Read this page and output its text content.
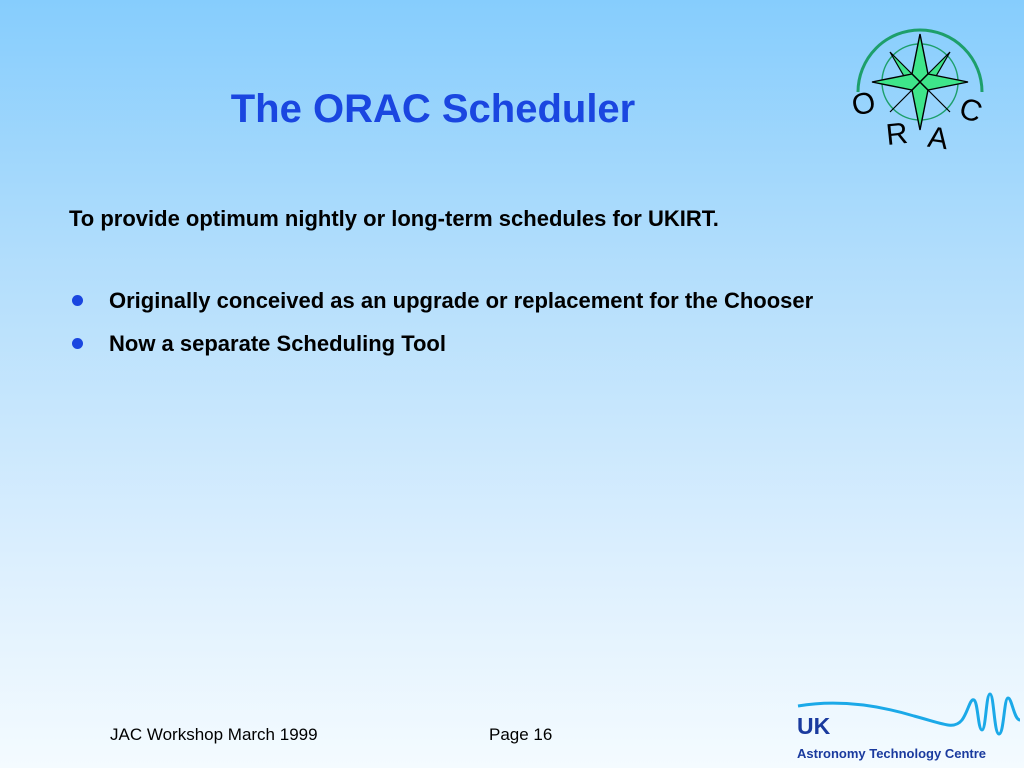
The ORAC Scheduler	O
R A
C

To provide optimum nightly or long-term schedules for UKIRT.

Originally conceived as an upgrade or replacement for the Chooser
Now a separate Scheduling Tool
JAC Workshop March 1999	Page 16	UK
Astronomy Technology Centre
